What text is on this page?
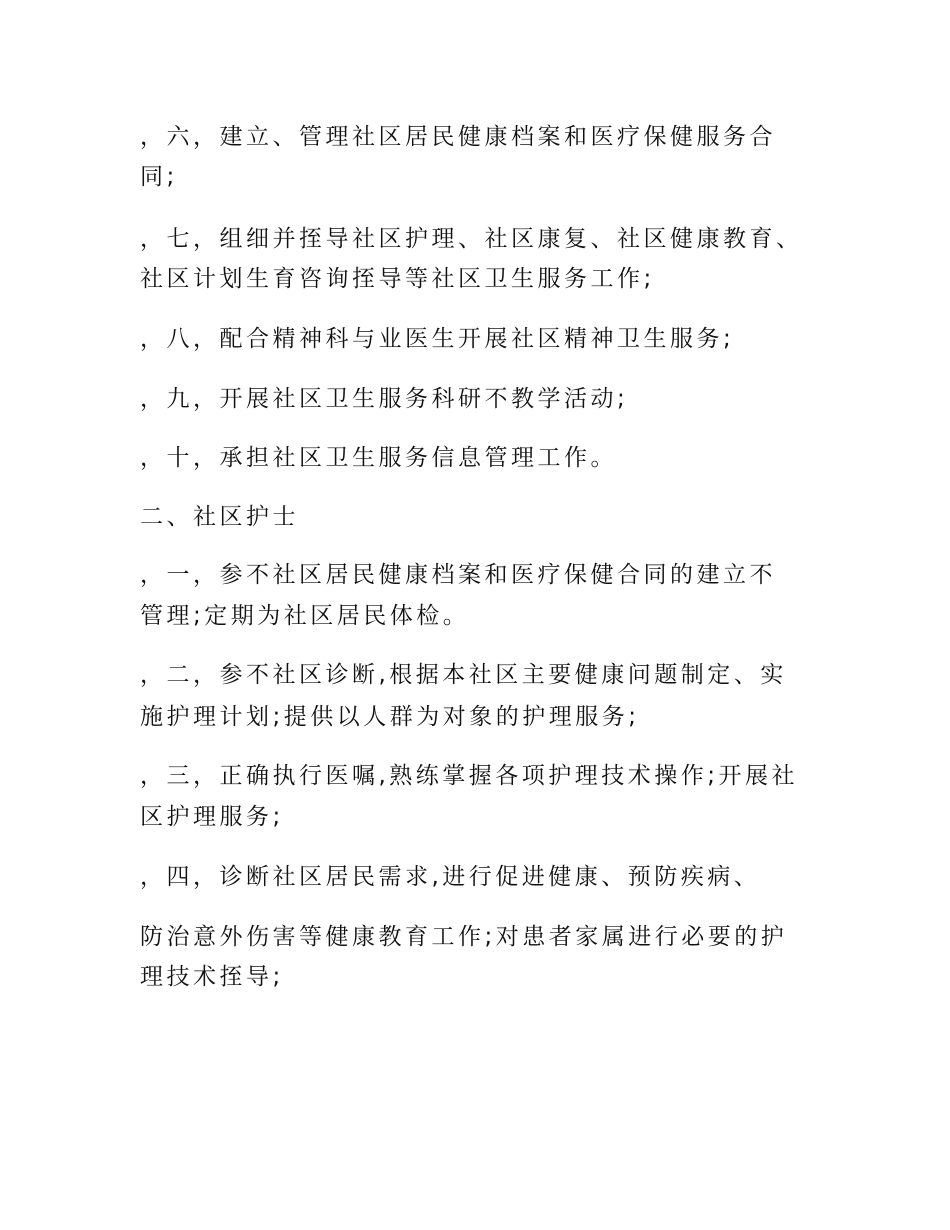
，六，建立、管理社区居民健康档案和医疗保健服务合
同;
，七，组细并挃导社区护理、社区康复、社区健康教育、
社区计划生育咨询挃导等社区卫生服务工作;
，八，配合精神科与业医生开展社区精神卫生服务;
，九，开展社区卫生服务科研不教学活动;
，十，承担社区卫生服务信息管理工作。
二、社区护士
，一，参不社区居民健康档案和医疗保健合同的建立不
管理;定期为社区居民体检。
，二，参不社区诊断,根据本社区主要健康问题制定、实
施护理计划;提供以人群为对象的护理服务;
，三，正确执行医嘱,熟练掌握各项护理技术操作;开展社
区护理服务;
，四，诊断社区居民需求,进行促进健康、预防疾病、
防治意外伤害等健康教育工作;对患者家属进行必要的护
理技术挃导;
